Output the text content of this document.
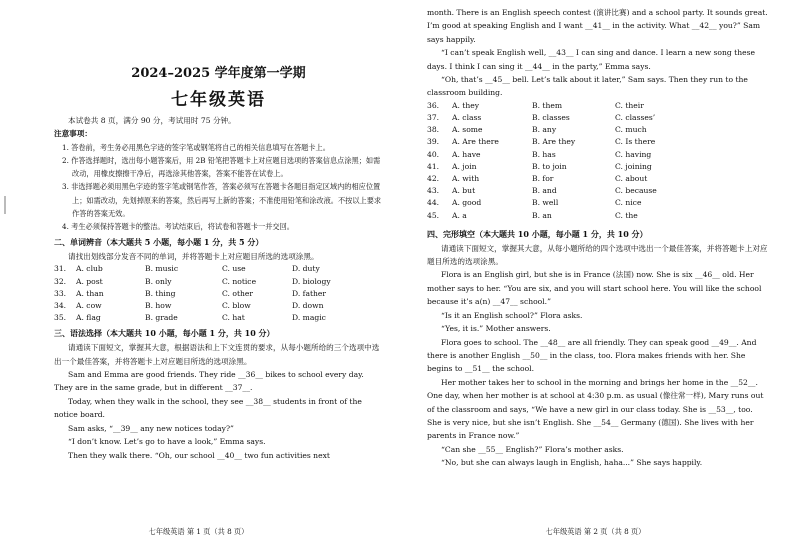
2024–2025 学年度第一学期
七年级英语

本试卷共 8 页，满分 90 分，考试用时 75 分钟。

注意事项：

1. 答卷前，考生务必用黑色字迹的签字笔或钢笔将自己的相关信息填写在答题卡上。

2. 作答选择题时，选出每小题答案后，用 2B 铅笔把答题卡上对应题目选项的答案信息点涂黑；如需改动，用橡皮擦擦干净后，再选涂其他答案，答案不能答在试卷上。

3. 非选择题必须用黑色字迹的签字笔或钢笔作答，答案必须写在答题卡各题目指定区域内的相应位置上；如需改动，先划掉原来的答案，然后再写上新的答案；不准使用铅笔和涂改液。不按以上要求作答的答案无效。

4. 考生必须保持答题卡的整洁。考试结束后，将试卷和答题卡一并交回。

二、单词辨音（本大题共 5 小题，每小题 1 分，共 5 分）

请找出划线部分发音不同的单词，并将答题卡上对应题目所选的选项涂黑。

31.	A. club	B. music	C. use	D. duty
32.	A. post	B. only	C. notice	D. biology
33.	A. than	B. thing	C. other	D. father
34.	A. cow	B. how	C. blow	D. down
35.	A. flag	B. grade	C. hat	D. magic
三、语法选择（本大题共 10 小题，每小题 1 分，共 10 分）

请通读下面短文，掌握其大意，根据语法和上下文连贯的要求，从每小题所给的三个选项中选出一个最佳答案，并将答题卡上对应题目所选的选项涂黑。

Sam and Emma are good friends. They ride __36__ bikes to school every day. They are in the same grade, but in different __37__.

Today, when they walk in the school, they see __38__ students in front of the notice board.

Sam asks, “__39__ any new notices today?”

“I don’t know. Let’s go to have a look,” Emma says.

Then they walk there. “Oh, our school __40__ two fun activities next

七年级英语 第 1 页（共 8 页）

month. There is an English speech contest (演讲比赛) and a school party. It sounds great. I’m good at speaking English and I want __41__ in the activity. What __42__ you?” Sam says happily.

“I can’t speak English well, __43__ I can sing and dance. I learn a new song these days. I think I can sing it __44__ in the party,” Emma says.

“Oh, that’s __45__ bell. Let’s talk about it later,” Sam says. Then they run to the classroom building.

36.	A. they	B. them	C. their
37.	A. class	B. classes	C. classes’
38.	A. some	B. any	C. much
39.	A. Are there	B. Are they	C. Is there
40.	A. have	B. has	C. having
41.	A. join	B. to join	C. joining
42.	A. with	B. for	C. about
43.	A. but	B. and	C. because
44.	A. good	B. well	C. nice
45.	A. a	B. an	C. the
四、完形填空（本大题共 10 小题，每小题 1 分，共 10 分）

请通读下面短文，掌握其大意，从每小题所给的四个选项中选出一个最佳答案，并将答题卡上对应题目所选的选项涂黑。

Flora is an English girl, but she is in France (法国) now. She is six __46__ old. Her mother says to her. “You are six, and you will start school here. You will like the school because it’s a(n) __47__ school.”

“Is it an English school?” Flora asks.

“Yes, it is.” Mother answers.

Flora goes to school. The __48__ are all friendly. They can speak good __49__. And there is another English __50__ in the class, too. Flora makes friends with her. She begins to __51__ the school.

Her mother takes her to school in the morning and brings her home in the __52__. One day, when her mother is at school at 4:30 p.m. as usual (像往常一样), Mary runs out of the classroom and says, “We have a new girl in our class today. She is __53__, too. She is very nice, but she isn’t English. She __54__ Germany (德国). She lives with her parents in France now.”

“Can she __55__ English?” Flora’s mother asks.

“No, but she can always laugh in English, haha...” She says happily.

七年级英语 第 2 页（共 8 页）
